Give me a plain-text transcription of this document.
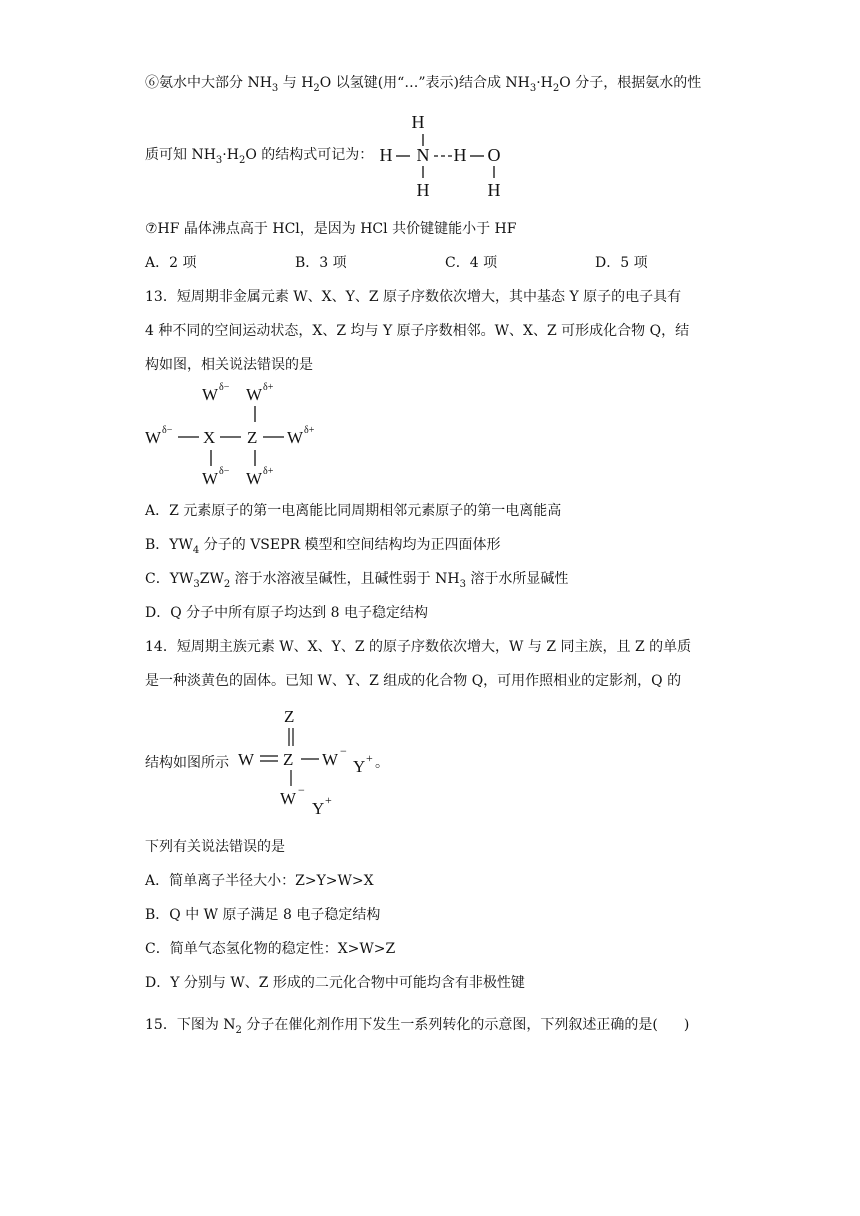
⑥氨水中大部分 $NH_3$ 与 $H_2O$ 以氢键(用“…”表示)结合成 $NH_3\cdot H_2O$ 分子，根据氨水的性
质可知 $NH_3\cdot H_2O$ 的结构式可记为：
H
H N H O
H	H
⑦HF 晶体沸点高于 HCl，是因为 HCl 共价键键能小于 HF
A．2 项	B．3 项	C．4 项	D．5 项
13．短周期非金属元素 W、X、Y、Z 原子序数依次增大，其中基态 Y 原子的电子具有
4 种不同的空间运动状态，X、Z 均与 Y 原子序数相邻。W、X、Z 可形成化合物 Q，结
构如图，相关说法错误的是
W δ− W δ+
W δ− X Z W δ+
W δ− W δ+
A．Z 元素原子的第一电离能比同周期相邻元素原子的第一电离能高
B．$YW_4$ 分子的 VSEPR 模型和空间结构均为正四面体形
C．$YW_3ZW_2$ 溶于水溶液呈碱性，且碱性弱于 $NH_3$ 溶于水所显碱性
D．Q 分子中所有原子均达到 8 电子稳定结构
14．短周期主族元素 W、X、Y、Z 的原子序数依次增大，W 与 Z 同主族，且 Z 的单质
是一种淡黄色的固体。已知 W、Y、Z 组成的化合物 Q，可用作照相业的定影剂，Q 的
结构如图所示	。
Z
W Z W −
Y +
W −
Y +
下列有关说法错误的是
A．简单离子半径大小：Z>Y>W>X
B．Q 中 W 原子满足 8 电子稳定结构
C．简单气态氢化物的稳定性：X>W>Z
D．Y 分别与 W、Z 形成的二元化合物中可能均含有非极性键
15．下图为 $N_2$ 分子在催化剂作用下发生一系列转化的示意图，下列叙述正确的是( )
